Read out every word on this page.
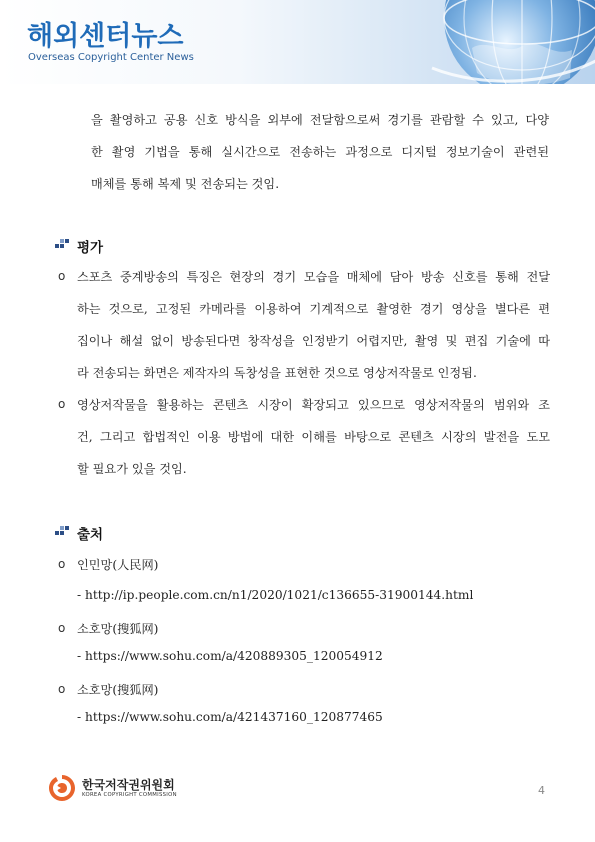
해외센터뉴스
Overseas Copyright Center News
을 촬영하고 공용 신호 방식을 외부에 전달함으로써 경기를 관람할 수 있고, 다양
한 촬영 기법을 통해 실시간으로 전송하는 과정으로 디지털 정보기술이 관련된
매체를 통해 복제 및 전송되는 것임.
평가
o 스포츠 중계방송의 특징은 현장의 경기 모습을 매체에 담아 방송 신호를 통해 전달
하는 것으로, 고정된 카메라를 이용하여 기계적으로 촬영한 경기 영상을 별다른 편
집이나 해설 없이 방송된다면 창작성을 인정받기 어렵지만, 촬영 및 편집 기술에 따
라 전송되는 화면은 제작자의 독창성을 표현한 것으로 영상저작물로 인정됨.
o 영상저작물을 활용하는 콘텐츠 시장이 확장되고 있으므로 영상저작물의 범위와 조
건, 그리고 합법적인 이용 방법에 대한 이해를 바탕으로 콘텐츠 시장의 발전을 도모
할 필요가 있을 것임.
출처
o 인민망(人民网)
- http://ip.people.com.cn/n1/2020/1021/c136655-31900144.html
o 소호망(搜狐网)
- https://www.sohu.com/a/420889305_120054912
o 소호망(搜狐网)
- https://www.sohu.com/a/421437160_120877465
한국저작권위원회
KOREA COPYRIGHT COMMISSION	4
